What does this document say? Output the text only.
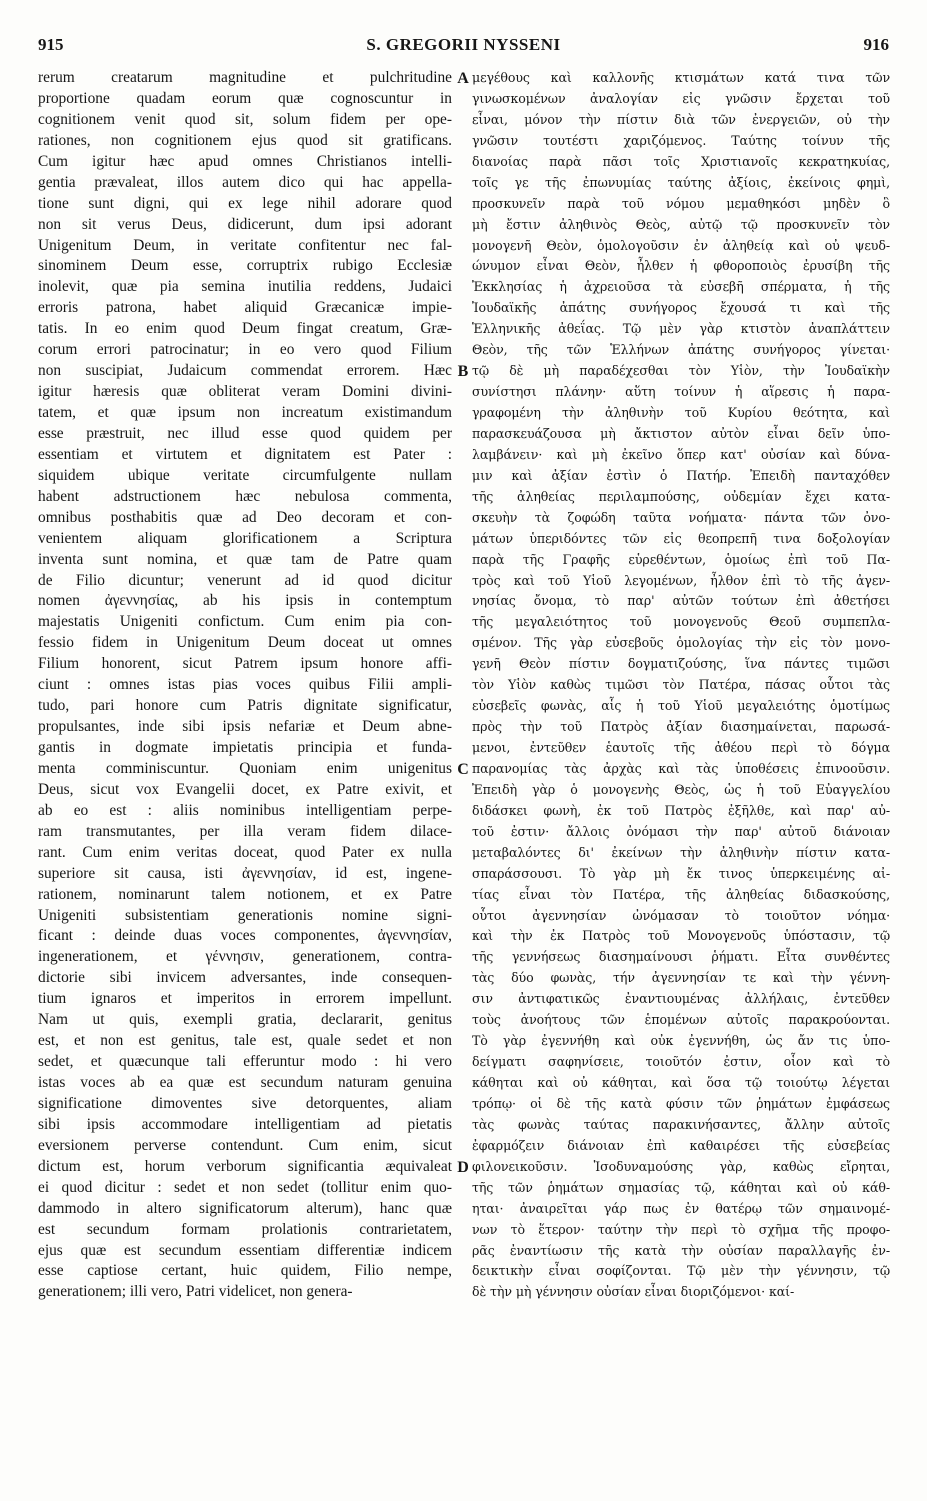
915	S. GREGORII NYSSENI	916
rerum creatarum magnitudine et pulchritudine
proportione quadam eorum quæ cognoscuntur in
cognitionem venit quod sit, solum fidem per ope-
rationes, non cognitionem ejus quod sit gratificans.
Cum igitur hæc apud omnes Christianos intelli-
gentia prævaleat, illos autem dico qui hac appella-
tione sunt digni, qui ex lege nihil adorare quod
non sit verus Deus, didicerunt, dum ipsi adorant
Unigenitum Deum, in veritate confitentur nec fal-
sinominem Deum esse, corruptrix rubigo Ecclesiæ
inolevit, quæ pia semina inutilia reddens, Judaici
erroris patrona, habet aliquid Græcanicæ impie-
tatis. In eo enim quod Deum fingat creatum, Græ-
corum errori patrocinatur; in eo vero quod Filium
non suscipiat, Judaicum commendat errorem. Hæc
igitur hæresis quæ obliterat veram Domini divini-
tatem, et quæ ipsum non increatum existimandum
esse præstruit, nec illud esse quod quidem per
essentiam et virtutem et dignitatem est Pater :
siquidem ubique veritate circumfulgente nullam
habent adstructionem hæc nebulosa commenta,
omnibus posthabitis quæ ad Deo decoram et con-
venientem aliquam glorificationem a Scriptura
inventa sunt nomina, et quæ tam de Patre quam
de Filio dicuntur; venerunt ad id quod dicitur
nomen ἀγεννησίας, ab his ipsis in contemptum
majestatis Unigeniti confictum. Cum enim pia con-
fessio fidem in Unigenitum Deum doceat ut omnes
Filium honorent, sicut Patrem ipsum honore affi-
ciunt : omnes istas pias voces quibus Filii ampli-
tudo, pari honore cum Patris dignitate significatur,
propulsantes, inde sibi ipsis nefariæ et Deum abne-
gantis in dogmate impietatis principia et funda-
menta comminiscuntur. Quoniam enim unigenitus
Deus, sicut vox Evangelii docet, ex Patre exivit, et
ab eo est : aliis nominibus intelligentiam perpe-
ram transmutantes, per illa veram fidem dilace-
rant. Cum enim veritas doceat, quod Pater ex nulla
superiore sit causa, isti ἀγεννησίαν, id est, ingene-
rationem, nominarunt talem notionem, et ex Patre
Unigeniti subsistentiam generationis nomine signi-
ficant : deinde duas voces componentes, ἀγεννησίαν,
ingenerationem, et γέννησιν, generationem, contra-
dictorie sibi invicem adversantes, inde consequen-
tium ignaros et imperitos in errorem impellunt.
Nam ut quis, exempli gratia, declararit, genitus
est, et non est genitus, tale est, quale sedet et non
sedet, et quæcunque tali efferuntur modo : hi vero
istas voces ab ea quæ est secundum naturam genuina
significatione dimoventes sive detorquentes, aliam
sibi ipsis accommodare intelligentiam ad pietatis
eversionem perverse contendunt. Cum enim, sicut
dictum est, horum verborum significantia æquivaleat
ei quod dicitur : sedet et non sedet (tollitur enim quo-
dammodo in altero significatorum alterum), hanc quæ
est secundum formam prolationis contrarietatem,
ejus quæ est secundum essentiam differentiæ indicem
esse captiose certant, huic quidem, Filio nempe,
generationem; illi vero, Patri videlicet, non genera-
A
B
C
D
μεγέθους καὶ καλλονῆς κτισμάτων κατά τινα τῶν
γινωσκομένων ἀναλογίαν εἰς γνῶσιν ἔρχεται τοῦ
εἶναι, μόνον τὴν πίστιν διὰ τῶν ἐνεργειῶν, οὐ τὴν
γνῶσιν τουτέστι χαριζόμενος. Ταύτης τοίνυν τῆς
διανοίας παρὰ πᾶσι τοῖς Χριστιανοῖς κεκρατηκυίας,
τοῖς γε τῆς ἐπωνυμίας ταύτης ἀξίοις, ἐκείνοις φημὶ,
προσκυνεῖν παρὰ τοῦ νόμου μεμαθηκόσι μηδὲν ὃ
μὴ ἔστιν ἀληθινὸς Θεὸς, αὐτῷ τῷ προσκυνεῖν τὸν
μονογενῆ Θεὸν, ὁμολογοῦσιν ἐν ἀληθείᾳ καὶ οὐ ψευδ-
ώνυμον εἶναι Θεὸν, ἦλθεν ἡ φθοροποιὸς ἐρυσίβη τῆς
Ἐκκλησίας ἡ ἀχρειοῦσα τὰ εὐσεβῆ σπέρματα, ἡ τῆς
Ἰουδαϊκῆς ἀπάτης συνήγορος ἔχουσά τι καὶ τῆς
Ἑλληνικῆς ἀθεΐας. Τῷ μὲν γὰρ κτιστὸν ἀναπλάττειν
Θεὸν, τῆς τῶν Ἑλλήνων ἀπάτης συνήγορος γίνεται·
τῷ δὲ μὴ παραδέχεσθαι τὸν Υἱὸν, τὴν Ἰουδαϊκὴν
συνίστησι πλάνην· αὕτη τοίνυν ἡ αἵρεσις ἡ παρα-
γραφομένη τὴν ἀληθινὴν τοῦ Κυρίου θεότητα, καὶ
παρασκευάζουσα μὴ ἄκτιστον αὐτὸν εἶναι δεῖν ὑπο-
λαμβάνειν· καὶ μὴ ἐκεῖνο ὅπερ κατ' οὐσίαν καὶ δύνα-
μιν καὶ ἀξίαν ἐστὶν ὁ Πατήρ. Ἐπειδὴ πανταχόθεν
τῆς ἀληθείας περιλαμπούσης, οὐδεμίαν ἔχει κατα-
σκευὴν τὰ ζοφώδη ταῦτα νοήματα· πάντα τῶν ὀνο-
μάτων ὑπεριδόντες τῶν εἰς θεοπρεπῆ τινα δοξολογίαν
παρὰ τῆς Γραφῆς εὑρεθέντων, ὁμοίως ἐπὶ τοῦ Πα-
τρὸς καὶ τοῦ Υἱοῦ λεγομένων, ἦλθον ἐπὶ τὸ τῆς ἀγεν-
νησίας ὄνομα, τὸ παρ' αὐτῶν τούτων ἐπὶ ἀθετήσει
τῆς μεγαλειότητος τοῦ μονογενοῦς Θεοῦ συμπεπλα-
σμένον. Τῆς γὰρ εὐσεβοῦς ὁμολογίας τὴν εἰς τὸν μονο-
γενῆ Θεὸν πίστιν δογματιζούσης, ἵνα πάντες τιμῶσι
τὸν Υἱὸν καθὼς τιμῶσι τὸν Πατέρα, πάσας οὗτοι τὰς
εὐσεβεῖς φωνὰς, αἷς ἡ τοῦ Υἱοῦ μεγαλειότης ὁμοτίμως
πρὸς τὴν τοῦ Πατρὸς ἀξίαν διασημαίνεται, παρωσά-
μενοι, ἐντεῦθεν ἑαυτοῖς τῆς ἀθέου περὶ τὸ δόγμα
παρανομίας τὰς ἀρχὰς καὶ τὰς ὑποθέσεις ἐπινοοῦσιν.
Ἐπειδὴ γὰρ ὁ μονογενὴς Θεὸς, ὡς ἡ τοῦ Εὐαγγελίου
διδάσκει φωνὴ, ἐκ τοῦ Πατρὸς ἐξῆλθε, καὶ παρ' αὐ-
τοῦ ἐστιν· ἄλλοις ὀνόμασι τὴν παρ' αὐτοῦ διάνοιαν
μεταβαλόντες δι' ἐκείνων τὴν ἀληθινὴν πίστιν κατα-
σπαράσσουσι. Τὸ γὰρ μὴ ἔκ τινος ὑπερκειμένης αἰ-
τίας εἶναι τὸν Πατέρα, τῆς ἀληθείας διδασκούσης,
οὗτοι ἀγεννησίαν ὠνόμασαν τὸ τοιοῦτον νόημα·
καὶ τὴν ἐκ Πατρὸς τοῦ Μονογενοῦς ὑπόστασιν, τῷ
τῆς γεννήσεως διασημαίνουσι ῥήματι. Εἶτα συνθέντες
τὰς δύο φωνὰς, τήν ἀγεννησίαν τε καὶ τὴν γέννη-
σιν ἀντιφατικῶς ἐναντιουμένας ἀλλήλαις, ἐντεῦθεν
τοὺς ἀνοήτους τῶν ἑπομένων αὐτοῖς παρακρούονται.
Τὸ γὰρ ἐγεννήθη καὶ οὐκ ἐγεννήθη, ὡς ἄν τις ὑπο-
δείγματι σαφηνίσειε, τοιοῦτόν ἐστιν, οἷον καὶ τὸ
κάθηται καὶ οὐ κάθηται, καὶ ὅσα τῷ τοιούτῳ λέγεται
τρόπῳ· οἱ δὲ τῆς κατὰ φύσιν τῶν ῥημάτων ἐμφάσεως
τὰς φωνὰς ταύτας παρακινήσαντες, ἄλλην αὐτοῖς
ἐφαρμόζειν διάνοιαν ἐπὶ καθαιρέσει τῆς εὐσεβείας
φιλονεικοῦσιν. Ἰσοδυναμούσης γὰρ, καθὼς εἴρηται,
τῆς τῶν ῥημάτων σημασίας τῷ, κάθηται καὶ οὐ κάθ-
ηται· ἀναιρεῖται γάρ πως ἐν θατέρῳ τῶν σημαινομέ-
νων τὸ ἕτερον· ταύτην τὴν περὶ τὸ σχῆμα τῆς προφο-
ρᾶς ἐναντίωσιν τῆς κατὰ τὴν οὐσίαν παραλλαγῆς ἐν-
δεικτικὴν εἶναι σοφίζονται. Τῷ μὲν τὴν γέννησιν, τῷ
δὲ τὴν μὴ γέννησιν οὐσίαν εἶναι διοριζόμενοι· καί-
